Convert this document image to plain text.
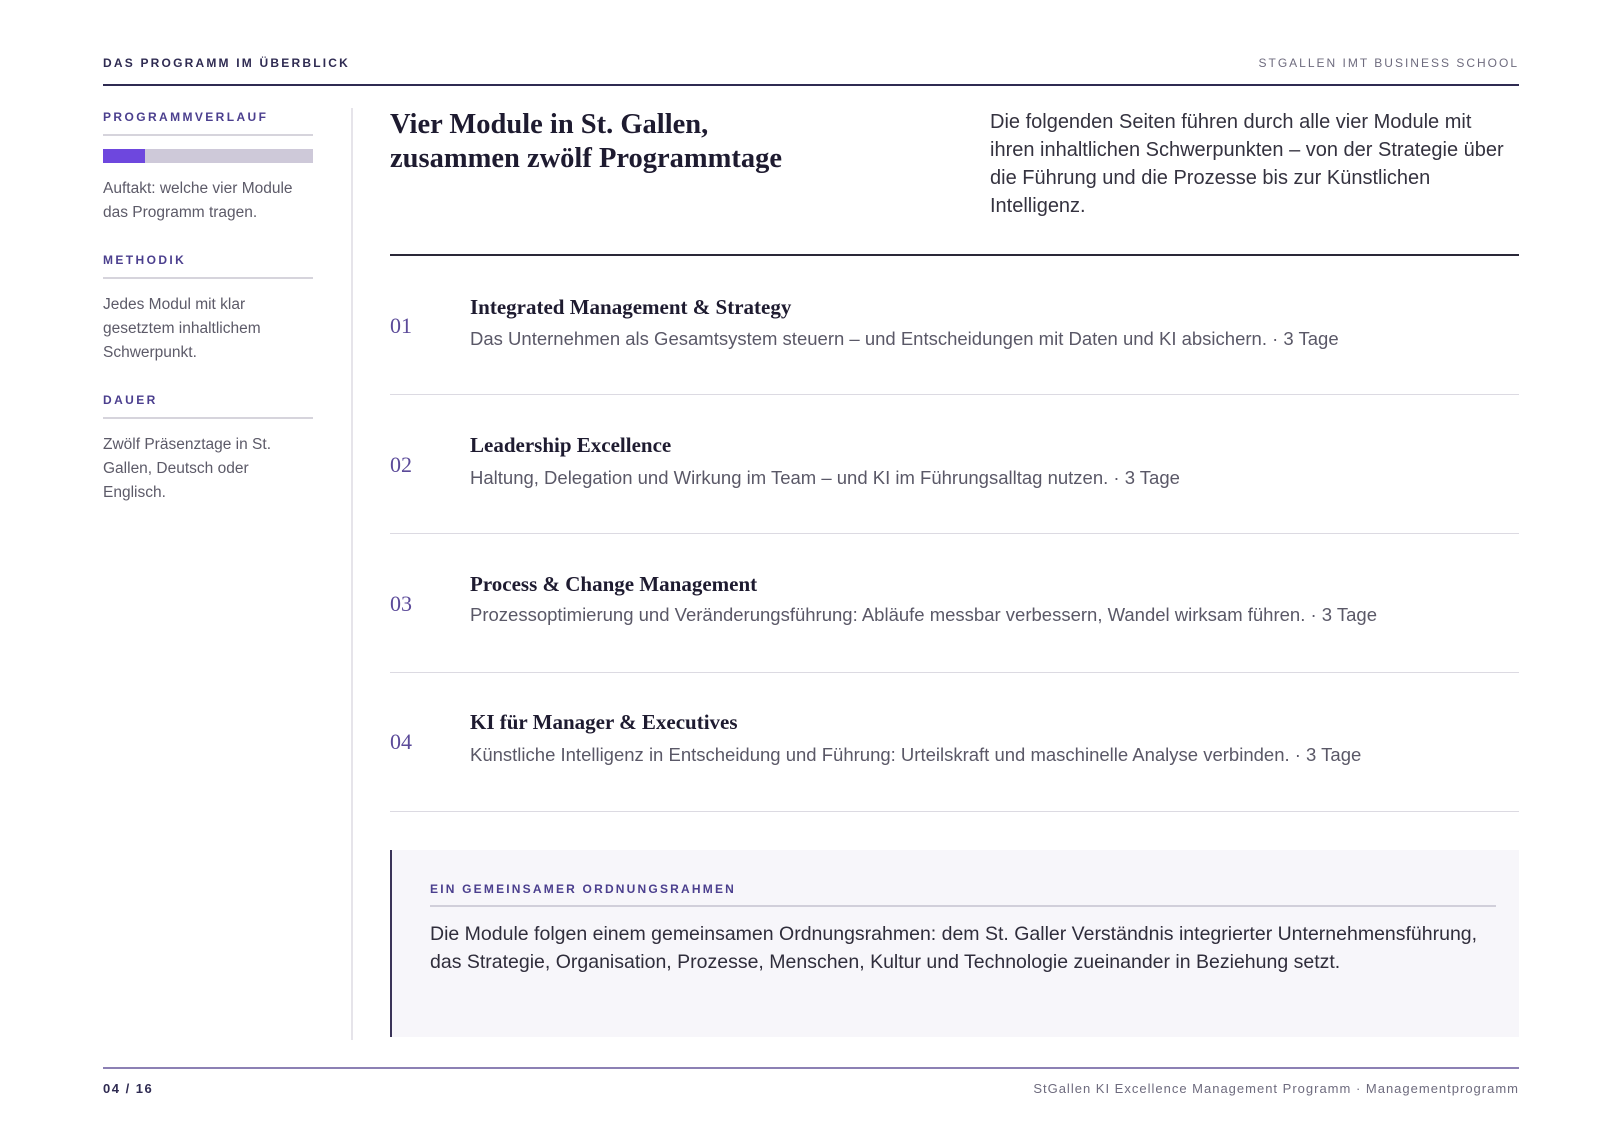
DAS PROGRAMM IM ÜBERBLICK	STGALLEN IMT BUSINESS SCHOOL
PROGRAMMVERLAUF
Auftakt: welche vier Module das Programm tragen.
METHODIK
Jedes Modul mit klar gesetztem inhaltlichem Schwerpunkt.
DAUER
Zwölf Präsenztage in St. Gallen, Deutsch oder Englisch.
Vier Module in St. Gallen,
zusammen zwölf Programmtage
Die folgenden Seiten führen durch alle vier Module mit ihren inhaltlichen Schwerpunkten – von der Strategie über die Führung und die Prozesse bis zur Künstlichen Intelligenz.
01
Integrated Management & Strategy
Das Unternehmen als Gesamtsystem steuern – und Entscheidungen mit Daten und KI absichern. · 3 Tage
02
Leadership Excellence
Haltung, Delegation und Wirkung im Team – und KI im Führungsalltag nutzen. · 3 Tage
03
Process & Change Management
Prozessoptimierung und Veränderungsführung: Abläufe messbar verbessern, Wandel wirksam führen. · 3 Tage
04
KI für Manager & Executives
Künstliche Intelligenz in Entscheidung und Führung: Urteilskraft und maschinelle Analyse verbinden. · 3 Tage
EIN GEMEINSAMER ORDNUNGSRAHMEN
Die Module folgen einem gemeinsamen Ordnungsrahmen: dem St. Galler Verständnis integrierter Unternehmensführung, das Strategie, Organisation, Prozesse, Menschen, Kultur und Technologie zueinander in Beziehung setzt.
04 / 16	StGallen KI Excellence Management Programm · Managementprogramm
